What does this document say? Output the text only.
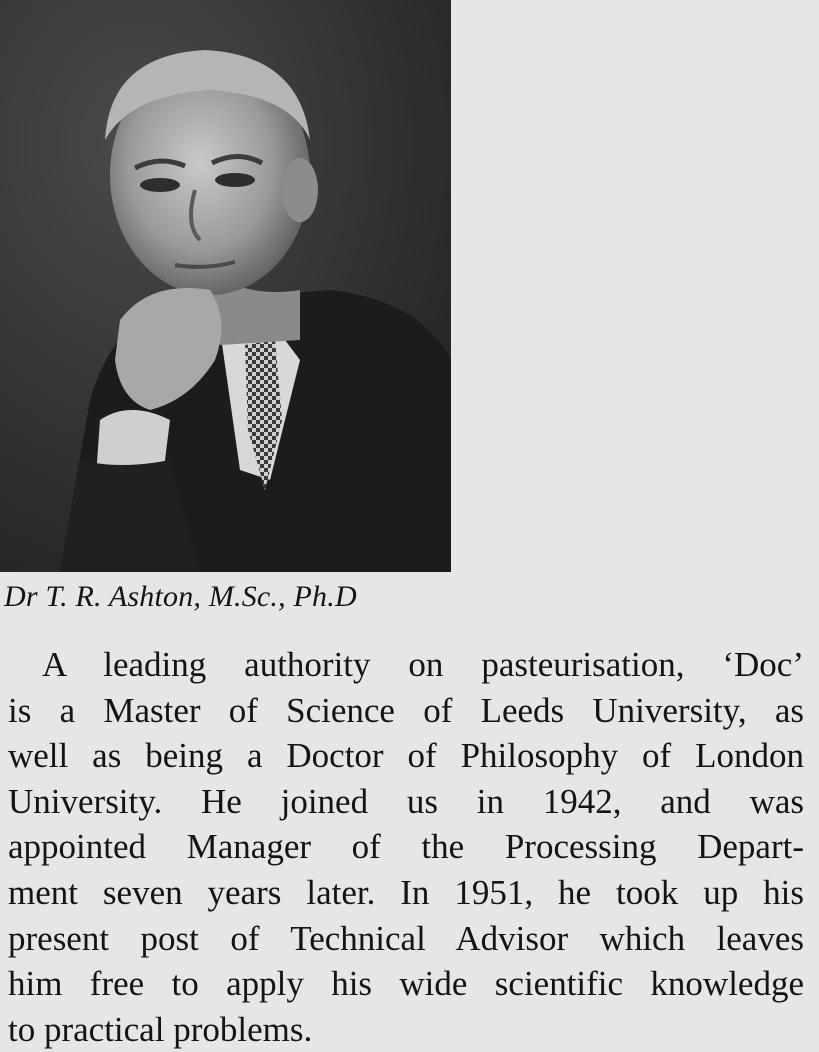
Dr T. R. Ashton, M.Sc., Ph.D
A leading authority on pasteurisation, ‘Doc’
is a Master of Science of Leeds University, as
well as being a Doctor of Philosophy of London
University. He joined us in 1942, and was
appointed Manager of the Processing Depart-
ment seven years later. In 1951, he took up his
present post of Technical Advisor which leaves
him free to apply his wide scientific knowledge
to practical problems.
